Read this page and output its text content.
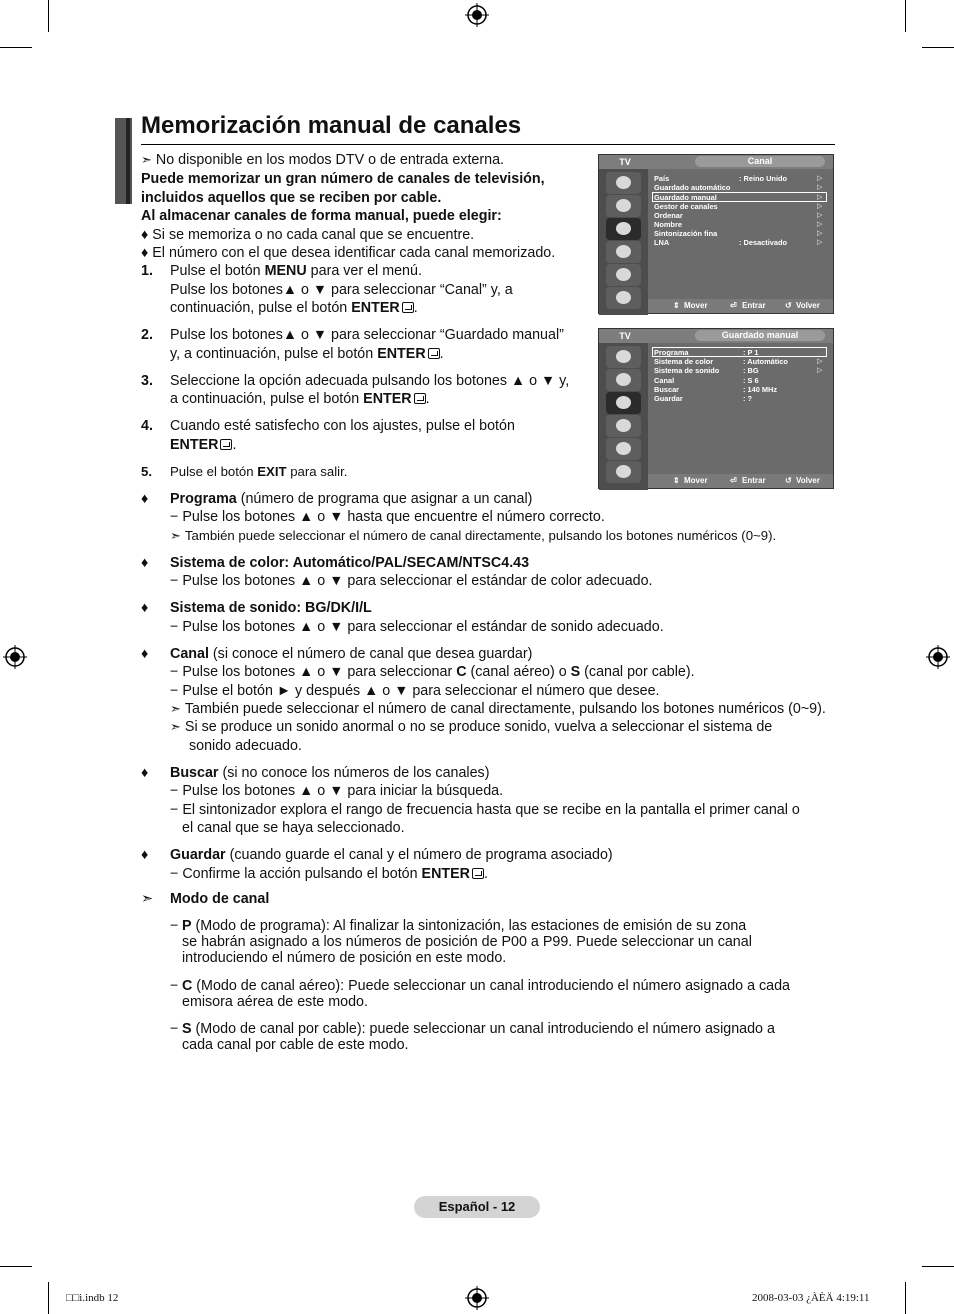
Memorización manual de canales
➣ No disponible en los modos DTV o de entrada externa.
Puede memorizar un gran número de canales de televisión,
incluidos aquellos que se reciben por cable.
Al almacenar canales de forma manual, puede elegir:
♦ Si se memoriza o no cada canal que se encuentre.
♦ El número con el que desea identificar cada canal memorizado.
1. Pulse el botón MENU para ver el menú.
Pulse los botones▲ o ▼ para seleccionar “Canal” y, a
continuación, pulse el botón ENTER .
2. Pulse los botones▲ o ▼ para seleccionar “Guardado manual”
y, a continuación, pulse el botón ENTER .
3. Seleccione la opción adecuada pulsando los botones ▲ o ▼ y,
a continuación, pulse el botón ENTER .
4. Cuando esté satisfecho con los ajustes, pulse el botón
ENTER .
5. Pulse el botón EXIT para salir.
TV	Canal
País	: Reino Unido	▷
Guardado automático	▷
Guardado manual	▷
Gestor de canales	▷
Ordenar	▷
Nombre	▷
Sintonización fina	▷
LNA	: Desactivado	▷
⇕ Mover	⏎ Entrar ↺ Volver
TV	Guardado manual
Programa	: P 1
Sistema de color	: Automático	▷
Sistema de sonido	: BG	▷
Canal	: S 6
Buscar	: 140 MHz
Guardar	: ?
⇕ Mover	⏎ Entrar ↺ Volver
♦ Programa (número de programa que asignar a un canal)
− Pulse los botones ▲ o ▼ hasta que encuentre el número correcto.
➣ También puede seleccionar el número de canal directamente, pulsando los botones numéricos (0~9).
♦ Sistema de color: Automático/PAL/SECAM/NTSC4.43
− Pulse los botones ▲ o ▼ para seleccionar el estándar de color adecuado.
♦ Sistema de sonido: BG/DK/I/L
− Pulse los botones ▲ o ▼ para seleccionar el estándar de sonido adecuado.
♦ Canal (si conoce el número de canal que desea guardar)
− Pulse los botones ▲ o ▼ para seleccionar C (canal aéreo) o S (canal por cable).
− Pulse el botón ► y después ▲ o ▼ para seleccionar el número que desee.
➣ También puede seleccionar el número de canal directamente, pulsando los botones numéricos (0~9).
➣ Si se produce un sonido anormal o no se produce sonido, vuelva a seleccionar el sistema de
sonido adecuado.
♦ Buscar (si no conoce los números de los canales)
− Pulse los botones ▲ o ▼ para iniciar la búsqueda.
− El sintonizador explora el rango de frecuencia hasta que se recibe en la pantalla el primer canal o
el canal que se haya seleccionado.
♦ Guardar (cuando guarde el canal y el número de programa asociado)
− Confirme la acción pulsando el botón ENTER .
➣ Modo de canal
− P (Modo de programa): Al finalizar la sintonización, las estaciones de emisión de su zona
se habrán asignado a los números de posición de P00 a P99. Puede seleccionar un canal
introduciendo el número de posición en este modo.
− C (Modo de canal aéreo): Puede seleccionar un canal introduciendo el número asignado a cada
emisora aérea de este modo.
− S (Modo de canal por cable): puede seleccionar un canal introduciendo el número asignado a
cada canal por cable de este modo.
Español - 12
□□i.indb 12	2008-03-03 ¿ÀÈÄ 4:19:11
